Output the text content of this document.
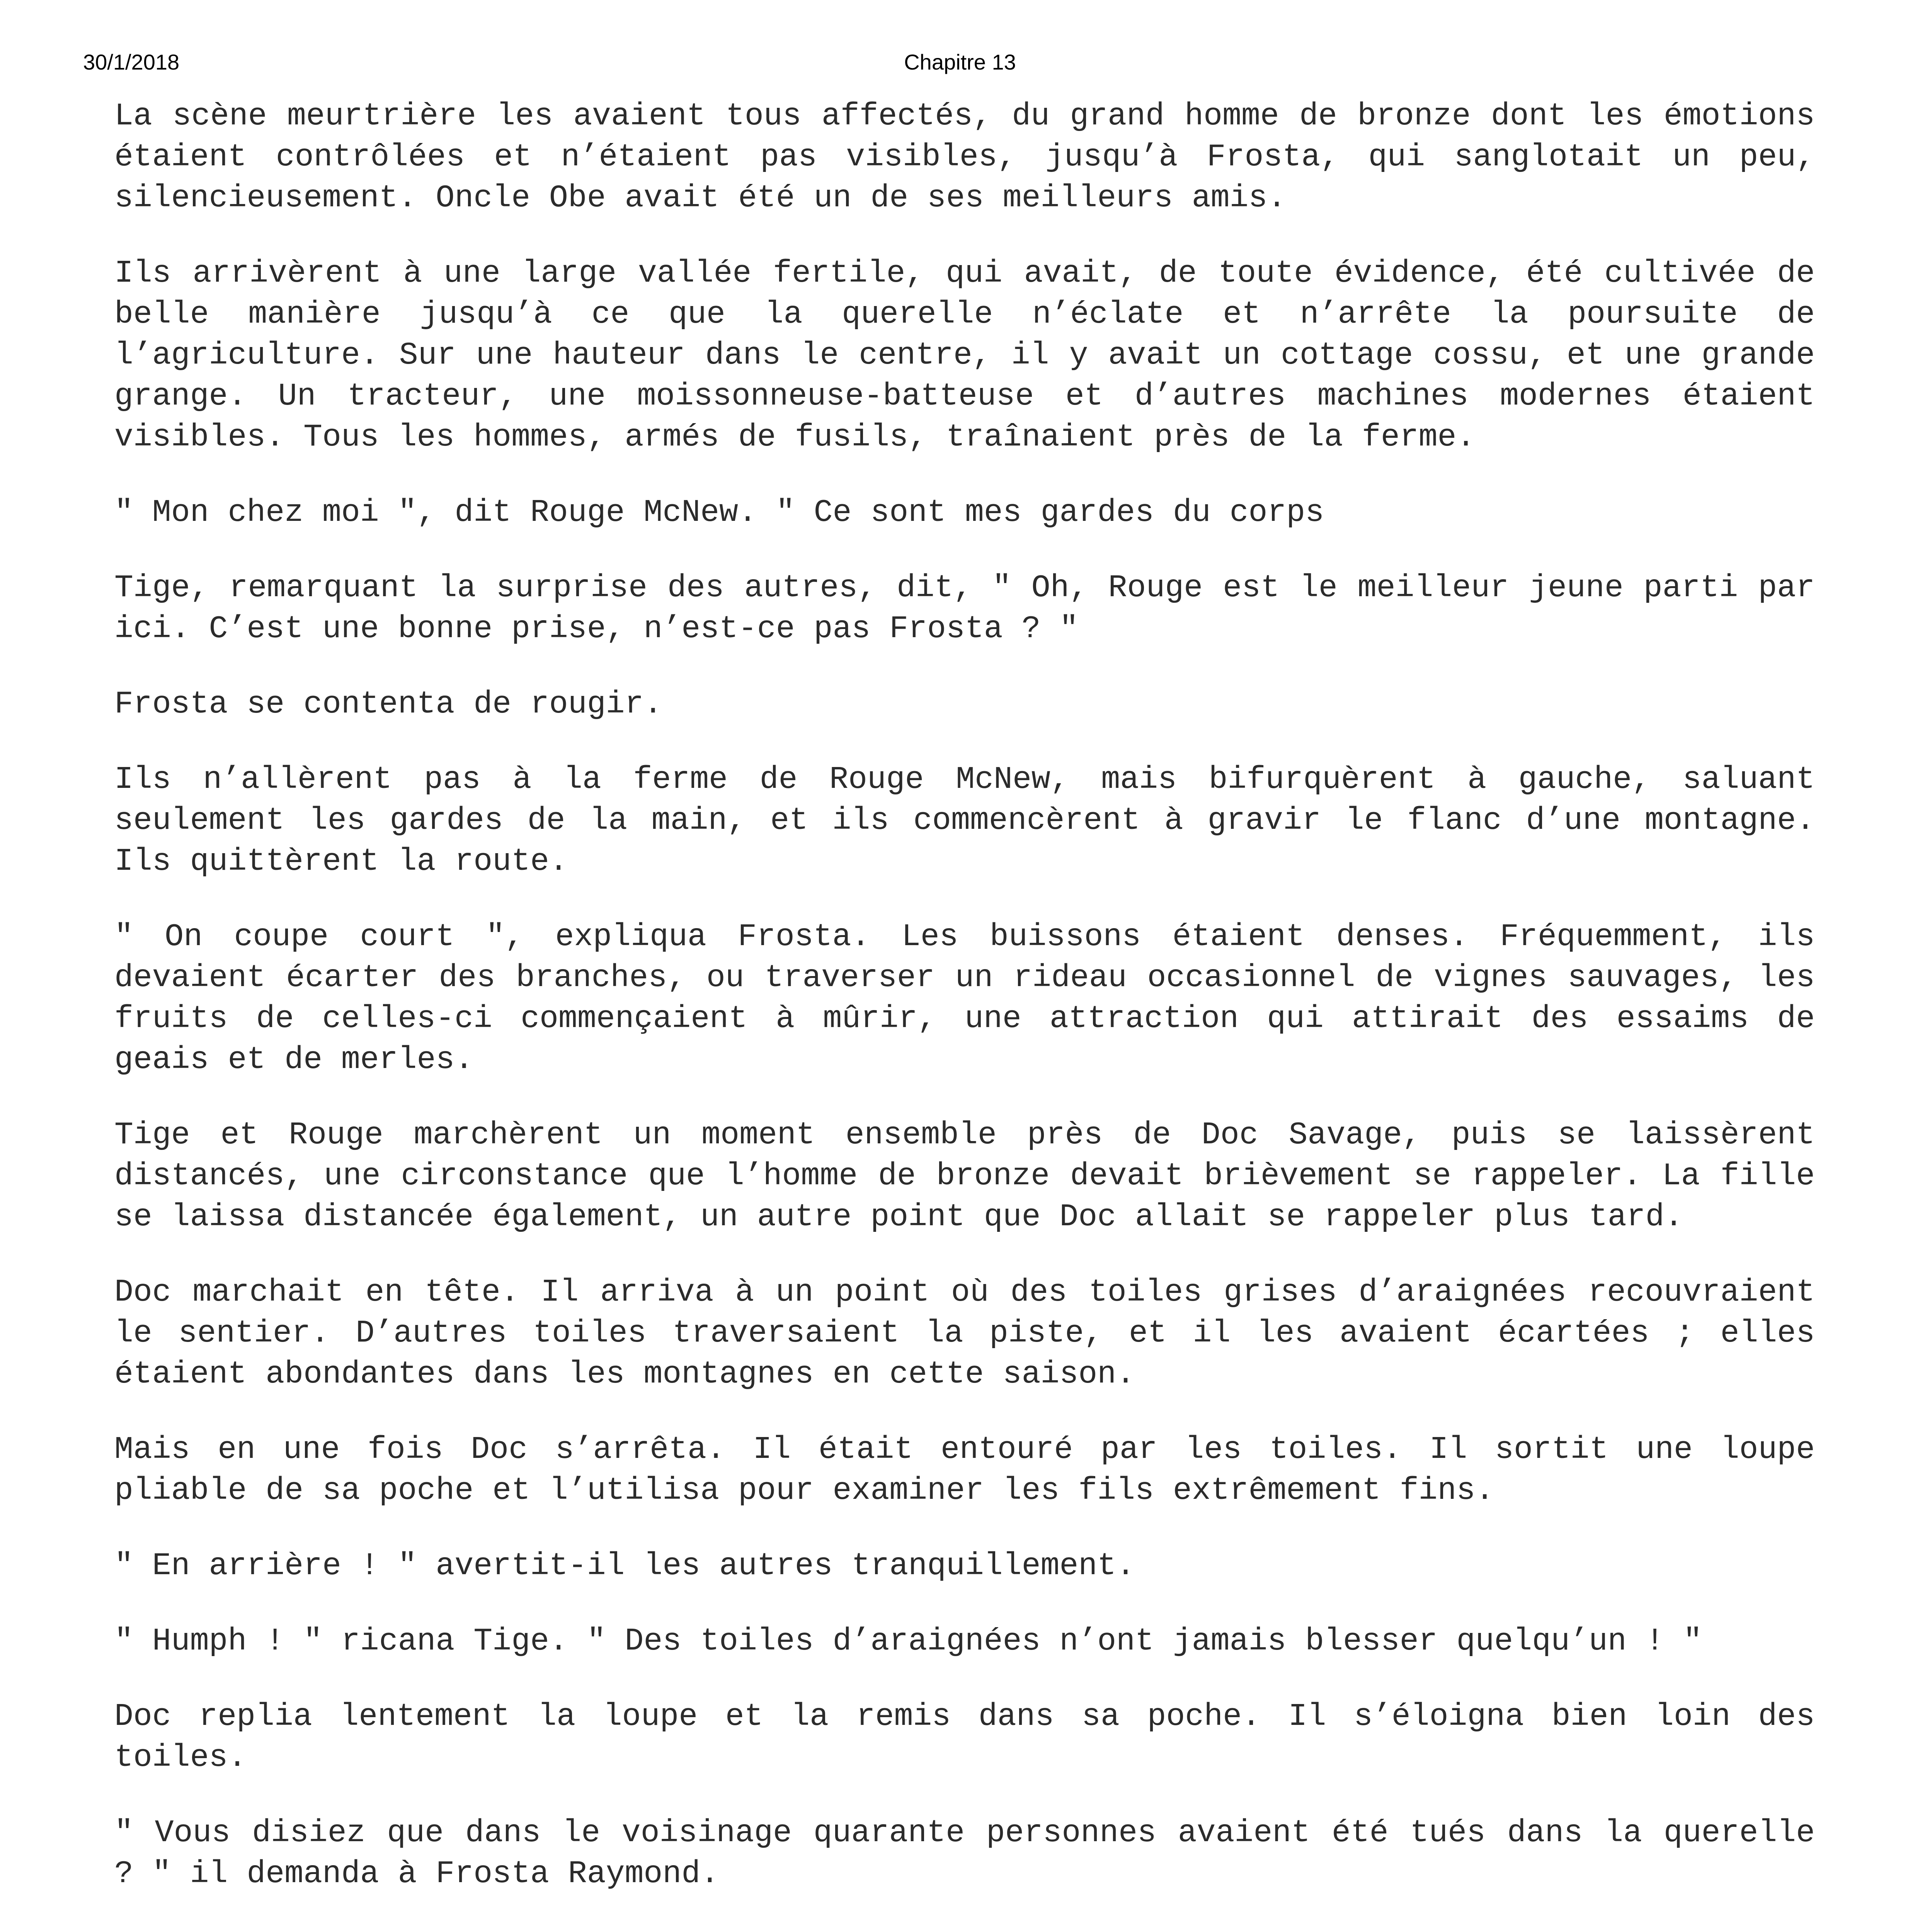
30/1/2018	Chapitre 13

La scène meurtrière les avaient tous affectés, du grand homme de bronze dont les émotions étaient contrôlées et n’étaient pas visibles, jusqu’à Frosta, qui sanglotait un peu, silencieusement. Oncle Obe avait été un de ses meilleurs amis.

Ils arrivèrent à une large vallée fertile, qui avait, de toute évidence, été cultivée de belle manière jusqu’à ce que la querelle n’éclate et n’arrête la poursuite de l’agriculture. Sur une hauteur dans le centre, il y avait un cottage cossu, et une grande grange. Un tracteur, une moissonneuse-batteuse et d’autres machines modernes étaient visibles. Tous les hommes, armés de fusils, traînaient près de la ferme.

" Mon chez moi ", dit Rouge McNew. " Ce sont mes gardes du corps

Tige, remarquant la surprise des autres, dit, " Oh, Rouge est le meilleur jeune parti par ici. C’est une bonne prise, n’est-ce pas Frosta ? "

Frosta se contenta de rougir.

Ils n’allèrent pas à la ferme de Rouge McNew, mais bifurquèrent à gauche, saluant seulement les gardes de la main, et ils commencèrent à gravir le flanc d’une montagne. Ils quittèrent la route.

" On coupe court ", expliqua Frosta. Les buissons étaient denses. Fréquemment, ils devaient écarter des branches, ou traverser un rideau occasionnel de vignes sauvages, les fruits de celles-ci commençaient à mûrir, une attraction qui attirait des essaims de geais et de merles.

Tige et Rouge marchèrent un moment ensemble près de Doc Savage, puis se laissèrent distancés, une circonstance que l’homme de bronze devait brièvement se rappeler. La fille se laissa distancée également, un autre point que Doc allait se rappeler plus tard.

Doc marchait en tête. Il arriva à un point où des toiles grises d’araignées recouvraient le sentier. D’autres toiles traversaient la piste, et il les avaient écartées ; elles étaient abondantes dans les montagnes en cette saison.

Mais en une fois Doc s’arrêta. Il était entouré par les toiles. Il sortit une loupe pliable de sa poche et l’utilisa pour examiner les fils extrêmement fins.

" En arrière ! " avertit-il les autres tranquillement.

" Humph ! " ricana Tige. " Des toiles d’araignées n’ont jamais blesser quelqu’un ! "

Doc replia lentement la loupe et la remis dans sa poche. Il s’éloigna bien loin des toiles.

" Vous disiez que dans le voisinage quarante personnes avaient été tués dans la querelle ? " il demanda à Frosta Raymond.
